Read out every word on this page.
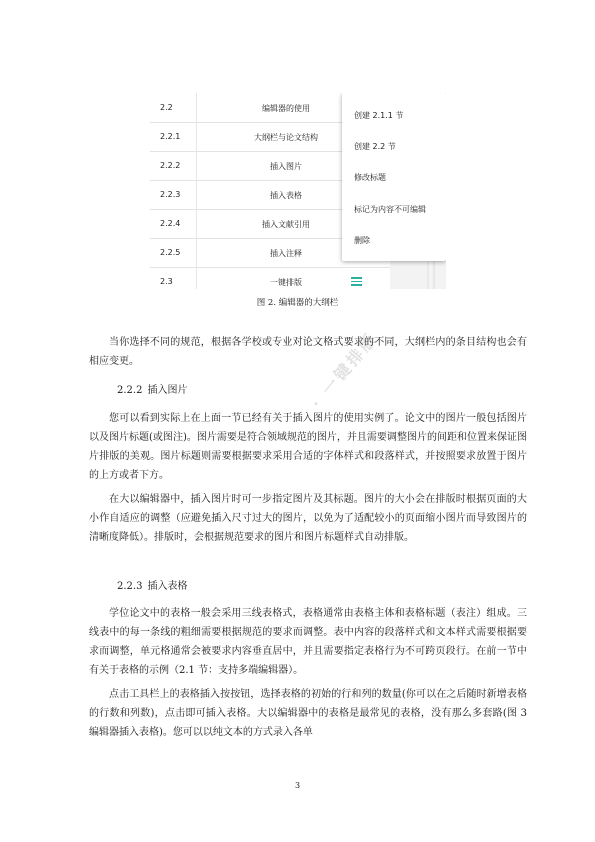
2.2	编辑器的使用
2.2.1	大纲栏与论文结构
2.2.2	插入图片
2.2.3	插入表格
2.2.4	插入文献引用
2.2.5	插入注释
2.3	一键排版
创建 2.1.1 节
创建 2.2 节
修改标题
标记为内容不可编辑
删除
图 2. 编辑器的大纲栏
· 一键排版

当你选择不同的规范，根据各学校或专业对论文格式要求的不同，大纲栏内的条目结构也会有相应变更。

2.2.2 插入图片

您可以看到实际上在上面一节已经有关于插入图片的使用实例了。论文中的图片一般包括图片以及图片标题(或图注)。图片需要是符合领域规范的图片，并且需要调整图片的间距和位置来保证图片排版的美观。图片标题则需要根据要求采用合适的字体样式和段落样式，并按照要求放置于图片的上方或者下方。

在大以编辑器中，插入图片时可一步指定图片及其标题。图片的大小会在排版时根据页面的大小作自适应的调整（应避免插入尺寸过大的图片，以免为了适配较小的页面缩小图片而导致图片的清晰度降低）。排版时，会根据规范要求的图片和图片标题样式自动排版。

2.2.3 插入表格

学位论文中的表格一般会采用三线表格式，表格通常由表格主体和表格标题（表注）组成。三线表中的每一条线的粗细需要根据规范的要求而调整。表中内容的段落样式和文本样式需要根据要求而调整，单元格通常会被要求内容垂直居中，并且需要指定表格行为不可跨页段行。在前一节中有关于表格的示例（2.1 节：支持多端编辑器）。

点击工具栏上的表格插入按按钮，选择表格的初始的行和列的数量(你可以在之后随时新增表格的行数和列数)，点击即可插入表格。大以编辑器中的表格是最常见的表格，没有那么多套路(图 3 编辑器插入表格)。您可以以纯文本的方式录入各单

3
